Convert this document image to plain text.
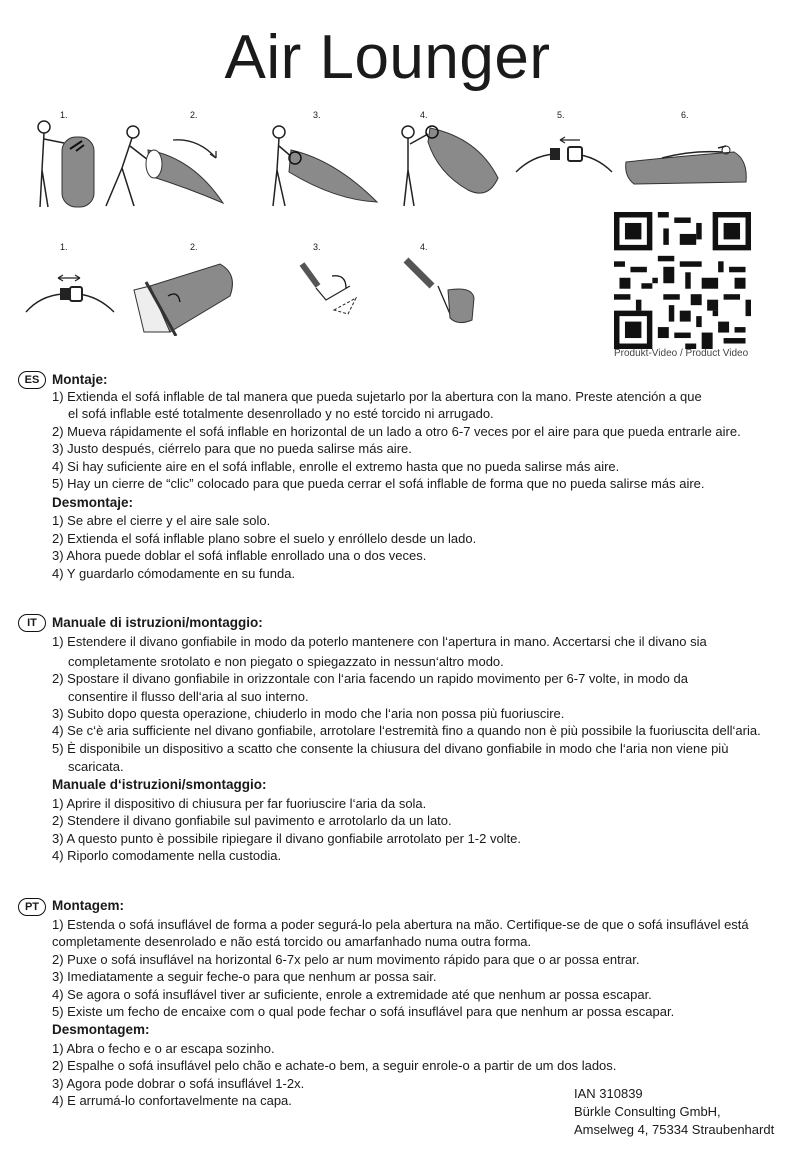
Air Lounger
1.	2.	3.	4.	5.	6.
1.	2.	3.	4.
Produkt-Video / Product Video
ES Montaje:
1) Extienda el sofá inflable de tal manera que pueda sujetarlo por la abertura con la mano. Preste atención a que
el sofá inflable esté totalmente desenrollado y no esté torcido ni arrugado.
2) Mueva rápidamente el sofá inflable en horizontal de un lado a otro 6-7 veces por el aire para que pueda entrarle aire.
3) Justo después, ciérrelo para que no pueda salirse más aire.
4) Si hay suficiente aire en el sofá inflable, enrolle el extremo hasta que no pueda salirse más aire.
5) Hay un cierre de “clic” colocado para que pueda cerrar el sofá inflable de forma que no pueda salirse más aire.
Desmontaje:
1) Se abre el cierre y el aire sale solo.
2) Extienda el sofá inflable plano sobre el suelo y enróllelo desde un lado.
3) Ahora puede doblar el sofá inflable enrollado una o dos veces.
4) Y guardarlo cómodamente en su funda.
IT	Manuale di istruzioni/montaggio:
1) Estendere il divano gonfiabile in modo da poterlo mantenere con l‘apertura in mano. Accertarsi che il divano sia
completamente srotolato e non piegato o spiegazzato in nessun‘altro modo.
2) Spostare il divano gonfiabile in orizzontale con l‘aria facendo un rapido movimento per 6-7 volte, in modo da
consentire il flusso dell‘aria al suo interno.
3) Subito dopo questa operazione, chiuderlo in modo che l‘aria non possa più fuoriuscire.
4) Se c‘è aria sufficiente nel divano gonfiabile, arrotolare l‘estremità fino a quando non è più possibile la fuoriuscita dell‘aria.
5) È disponibile un dispositivo a scatto che consente la chiusura del divano gonfiabile in modo che l‘aria non viene più
scaricata.
Manuale d‘istruzioni/smontaggio:
1) Aprire il dispositivo di chiusura per far fuoriuscire l‘aria da sola.
2) Stendere il divano gonfiabile sul pavimento e arrotolarlo da un lato.
3) A questo punto è possibile ripiegare il divano gonfiabile arrotolato per 1-2 volte.
4) Riporlo comodamente nella custodia.
PT Montagem:
1) Estenda o sofá insuflável de forma a poder segurá-lo pela abertura na mão. Certifique-se de que o sofá insuflável está
completamente desenrolado e não está torcido ou amarfanhado numa outra forma.
2) Puxe o sofá insuflável na horizontal 6-7x pelo ar num movimento rápido para que o ar possa entrar.
3) Imediatamente a seguir feche-o para que nenhum ar possa sair.
4) Se agora o sofá insuflável tiver ar suficiente, enrole a extremidade até que nenhum ar possa escapar.
5) Existe um fecho de encaixe com o qual pode fechar o sofá insuflável para que nenhum ar possa escapar.
Desmontagem:
1) Abra o fecho e o ar escapa sozinho.
2) Espalhe o sofá insuflável pelo chão e achate-o bem, a seguir enrole-o a partir de um dos lados.
3) Agora pode dobrar o sofá insuflável 1-2x.
4) E arrumá-lo confortavelmente na capa.	IAN 310839
Bürkle Consulting GmbH,
Amselweg 4, 75334 Straubenhardt
